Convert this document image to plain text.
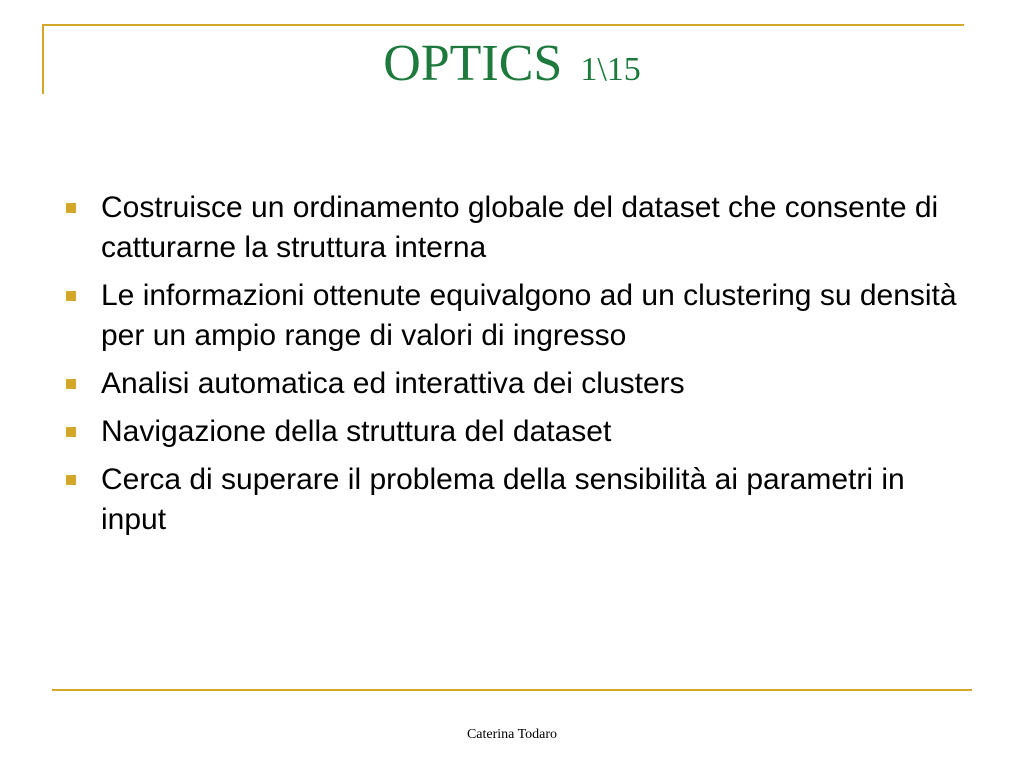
OPTICS 1\15
Costruisce un ordinamento globale del dataset che consente di catturarne la struttura interna
Le informazioni ottenute equivalgono ad un clustering su densità per un ampio range di valori di ingresso
Analisi automatica ed interattiva dei clusters
Navigazione della struttura del dataset
Cerca di superare il problema della sensibilità ai parametri in input
Caterina Todaro
